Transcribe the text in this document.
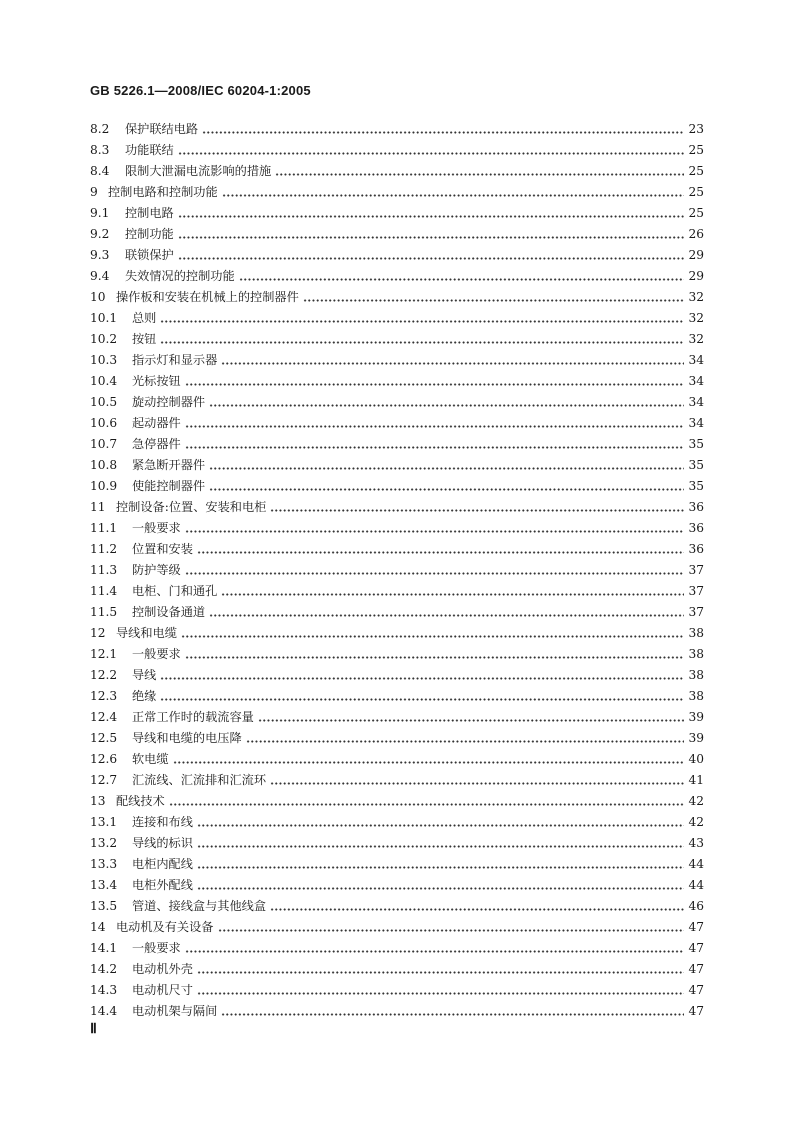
GB 5226.1—2008/IEC 60204-1:2005
8.2	保护联结电路	23
8.3	功能联结	25
8.4	限制大泄漏电流影响的措施	25
9 控制电路和控制功能	25
9.1	控制电路	25
9.2	控制功能	26
9.3	联锁保护	29
9.4	失效情况的控制功能	29
10 操作板和安装在机械上的控制器件	32
10.1	总则	32
10.2	按钮	32
10.3	指示灯和显示器	34
10.4	光标按钮	34
10.5	旋动控制器件	34
10.6	起动器件	34
10.7	急停器件	35
10.8	紧急断开器件	35
10.9	使能控制器件	35
11 控制设备:位置、安装和电柜	36
11.1	一般要求	36
11.2	位置和安装	36
11.3	防护等级	37
11.4	电柜、门和通孔	37
11.5	控制设备通道	37
12 导线和电缆	38
12.1	一般要求	38
12.2	导线	38
12.3	绝缘	38
12.4	正常工作时的载流容量	39
12.5	导线和电缆的电压降	39
12.6	软电缆	40
12.7	汇流线、汇流排和汇流环	41
13 配线技术	42
13.1	连接和布线	42
13.2	导线的标识	43
13.3	电柜内配线	44
13.4	电柜外配线	44
13.5	管道、接线盒与其他线盒	46
14 电动机及有关设备	47
14.1	一般要求	47
14.2	电动机外壳	47
14.3	电动机尺寸	47
14.4	电动机架与隔间	47
Ⅱ
